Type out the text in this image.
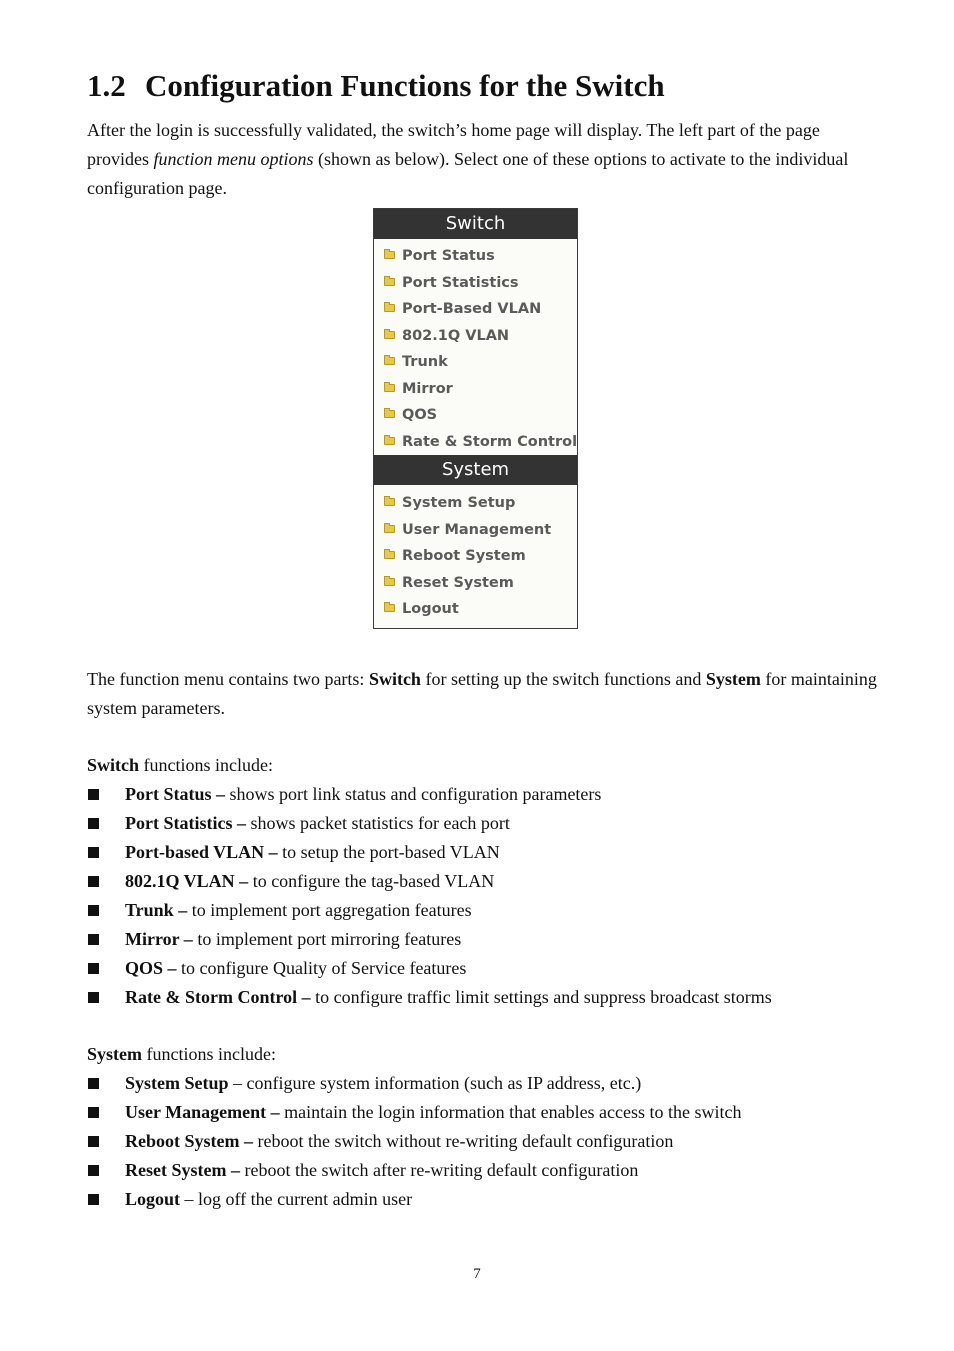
1.2 Configuration Functions for the Switch

After the login is successfully validated, the switch’s home page will display. The left part of the page provides function menu options (shown as below). Select one of these options to activate to the individual configuration page.

Switch
Port Status
Port Statistics
Port-Based VLAN
802.1Q VLAN
Trunk
Mirror
QOS
Rate & Storm Control
System
System Setup
User Management
Reboot System
Reset System
Logout

The function menu contains two parts: Switch for setting up the switch functions and System for maintaining system parameters.

Switch functions include:

Port Status – shows port link status and configuration parameters
Port Statistics – shows packet statistics for each port
Port-based VLAN – to setup the port-based VLAN
802.1Q VLAN – to configure the tag-based VLAN
Trunk – to implement port aggregation features
Mirror – to implement port mirroring features
QOS – to configure Quality of Service features
Rate & Storm Control – to configure traffic limit settings and suppress broadcast storms

System functions include:

System Setup – configure system information (such as IP address, etc.)
User Management – maintain the login information that enables access to the switch
Reboot System – reboot the switch without re-writing default configuration
Reset System – reboot the switch after re-writing default configuration
Logout – log off the current admin user
7
